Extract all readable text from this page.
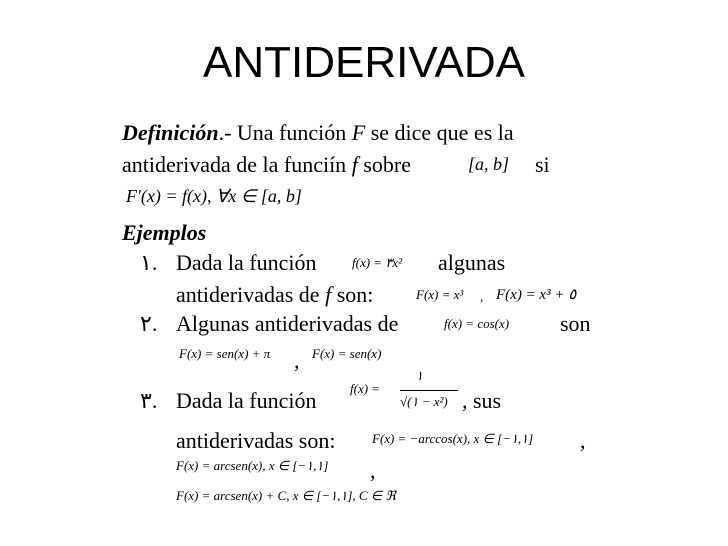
ANTIDERIVADA
Definición.- Una función F se dice que es la
antiderivada de la funciín f sobre	[a, b] si
F'(x) = f(x), ∀x ∈ [a, b]
Ejemplos
١. Dada la función	f(x) = ٣x² algunas
antiderivadas de f son:	F(x) = x³ , F(x) = x³ + ٥
٢. Algunas antiderivadas de	f(x) = cos(x) son
F(x) = sen(x) + π , F(x) = sen(x)
٣. Dada la función	f(x) =
١
√(١ − x²) , sus
antiderivadas son:	F(x) = −arccos(x), x ∈ [−١,١] ,
F(x) = arcsen(x), x ∈ [−١,١] ,
F(x) = arcsen(x) + C, x ∈ [−١,١], C ∈ ℜ
